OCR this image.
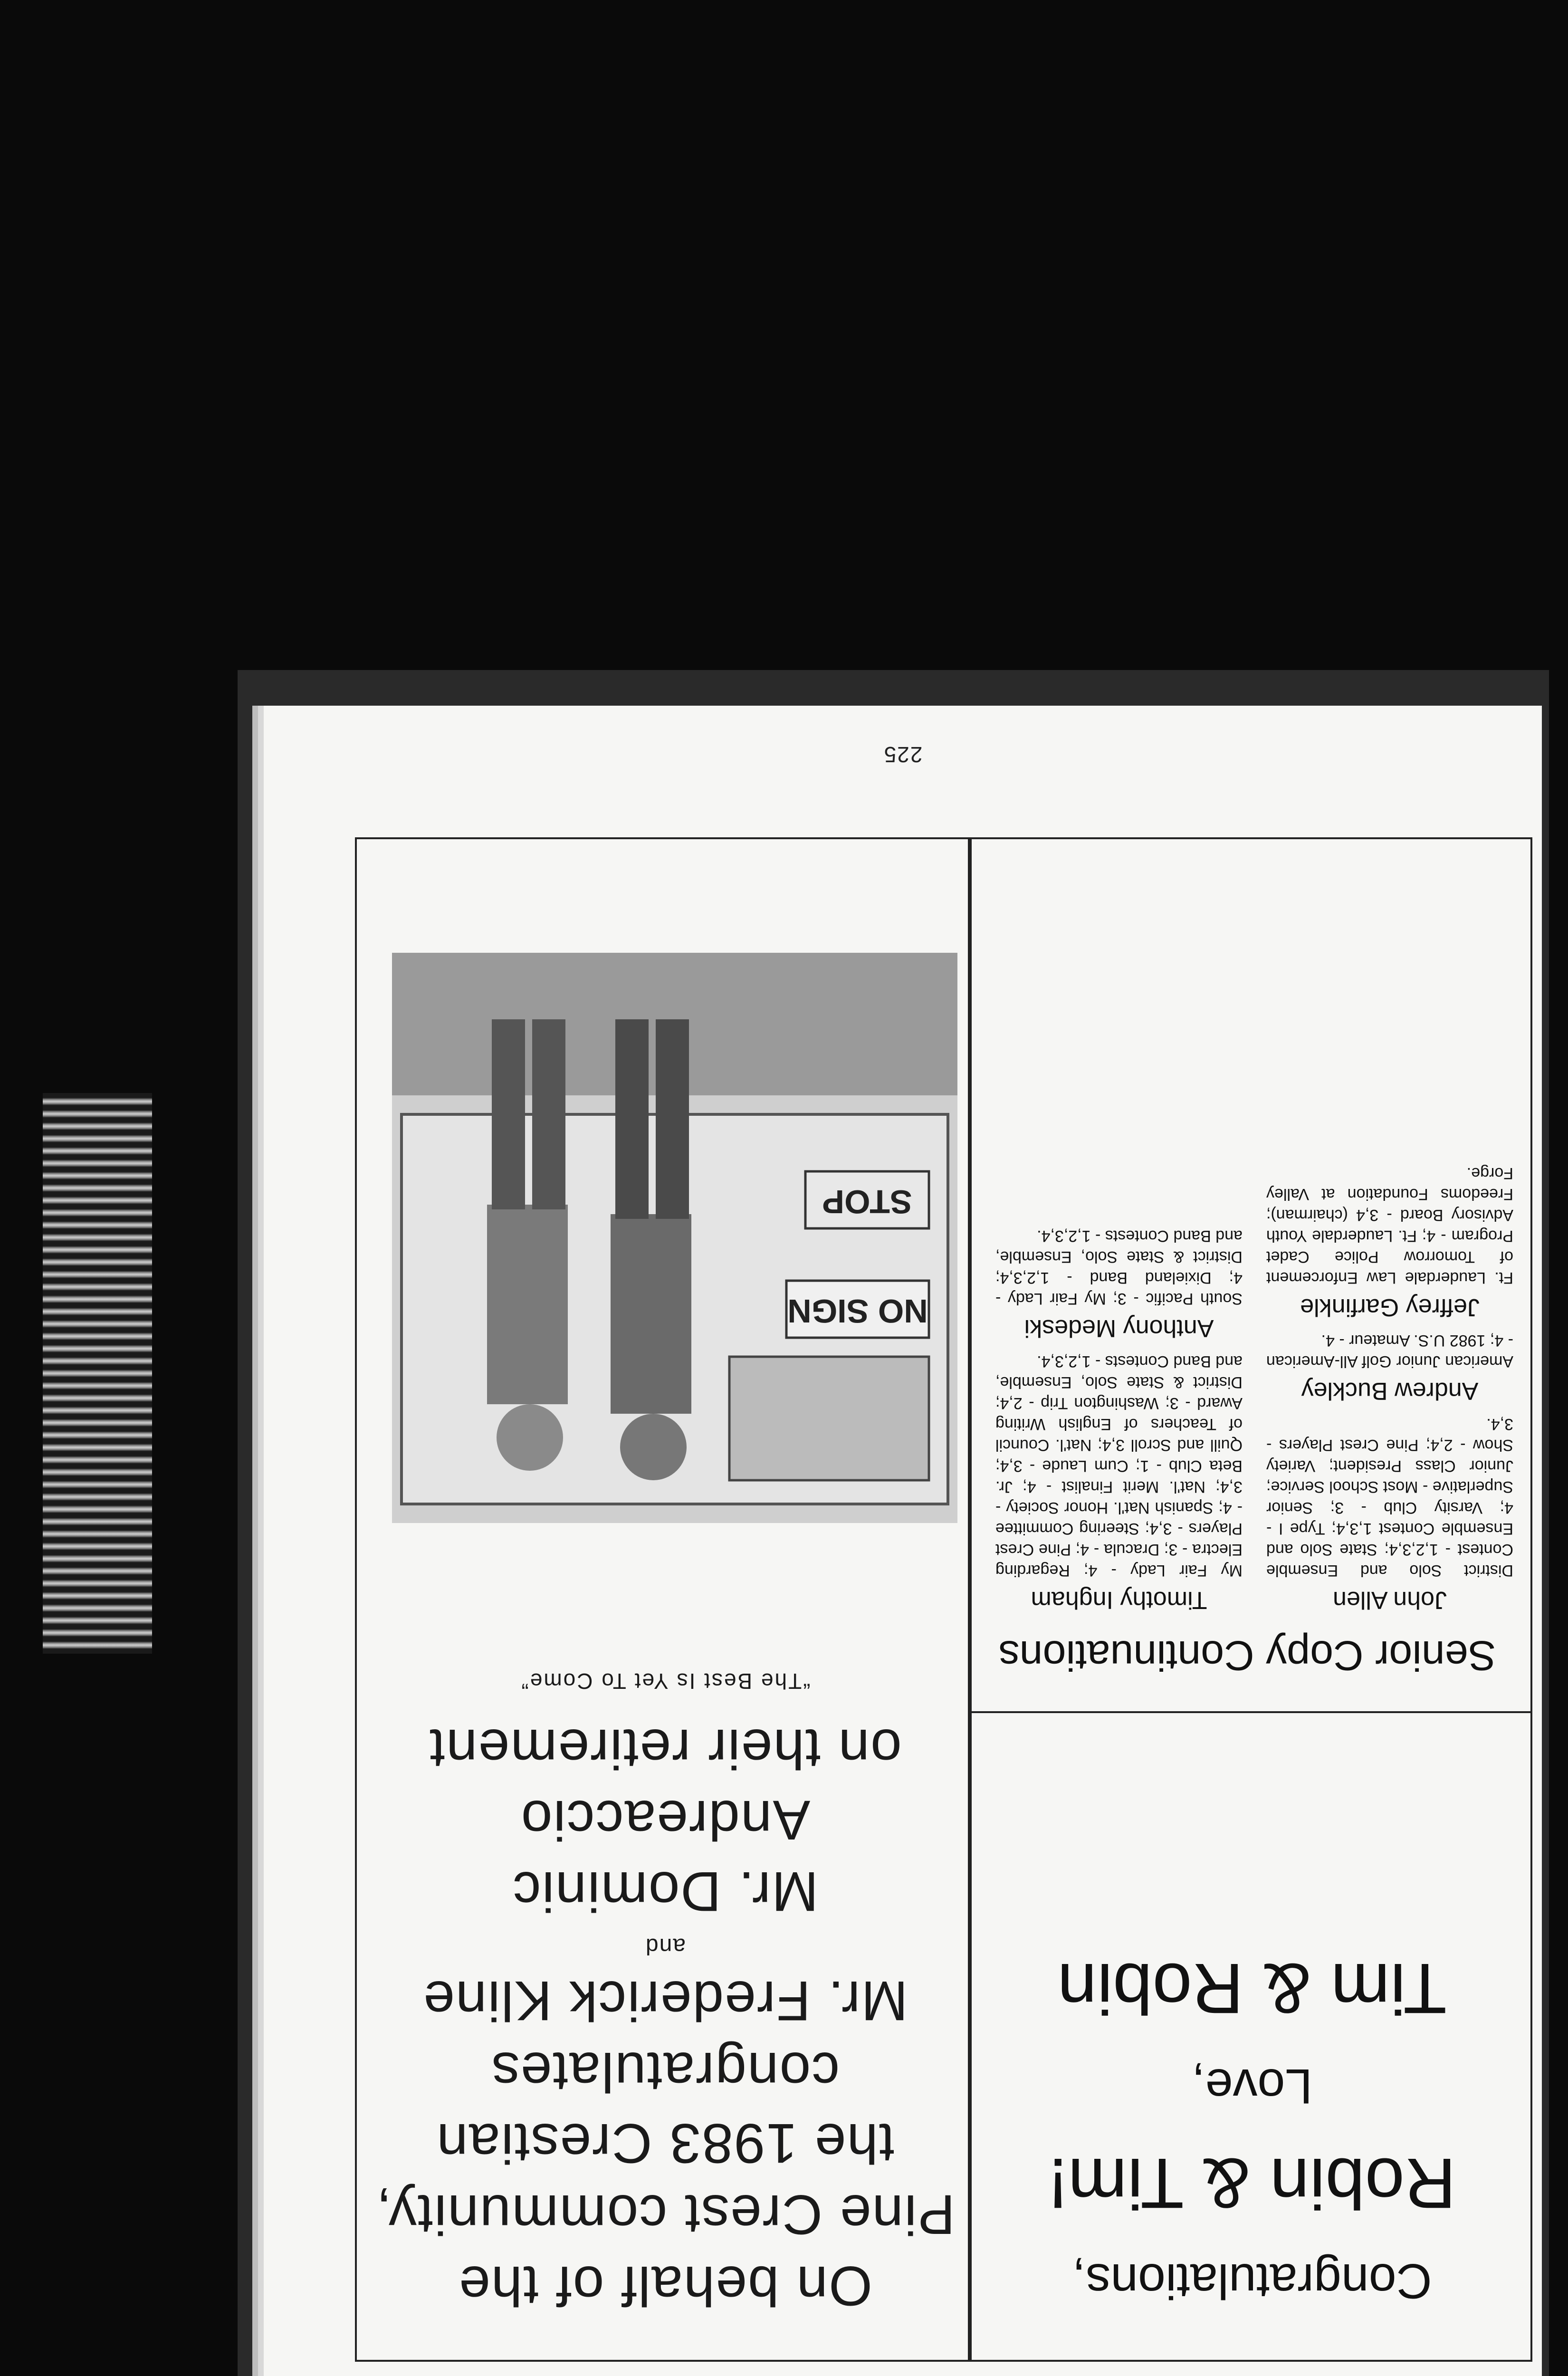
225
On behalf of the
Pine Crest community,
the 1983 Crestian
congratulates
Mr. Frederick Kline
and
Mr. Dominic
Andreaccio
on their retirement
“The Best Is Yet To Come”
NO SIGN
STOP
Congratulations,
Robin & Tim!
Love,
Tim & Robin
Senior Copy Continuations
John Allen

District Solo and Ensemble Contest - 1,2,3,4; State Solo and Ensemble Contest 1,3,4; Type I - 4; Varsity Club - 3; Senior Superlative - Most School Service; Junior Class President; Variety Show - 2,4; Pine Crest Players - 3,4.

Andrew Buckley

American Junior Golf All-American - 4; 1982 U.S. Amateur - 4.

Jeffrey Garfinkle

Ft. Lauderdale Law Enforcement of Tomorrow Police Cadet Program - 4; Ft. Lauderdale Youth Advisory Board - 3,4 (chairman); Freedoms Foundation at Valley Forge.

Timothy Ingham

My Fair Lady - 4; Regarding Electra - 3; Dracula - 4; Pine Crest Players - 3,4; Steering Committee - 4; Spanish Nat'l. Honor Society - 3,4; Nat'l. Merit Finalist - 4; Jr. Beta Club - 1; Cum Laude - 3,4; Quill and Scroll 3,4; Nat'l. Council of Teachers of English Writing Award - 3; Washington Trip - 2,4; District & State Solo, Ensemble, and Band Contests - 1,2,3,4.

Anthony Medeski

South Pacific - 3; My Fair Lady - 4; Dixieland Band - 1,2,3,4; District & State Solo, Ensemble, and Band Contests - 1,2,3,4.
